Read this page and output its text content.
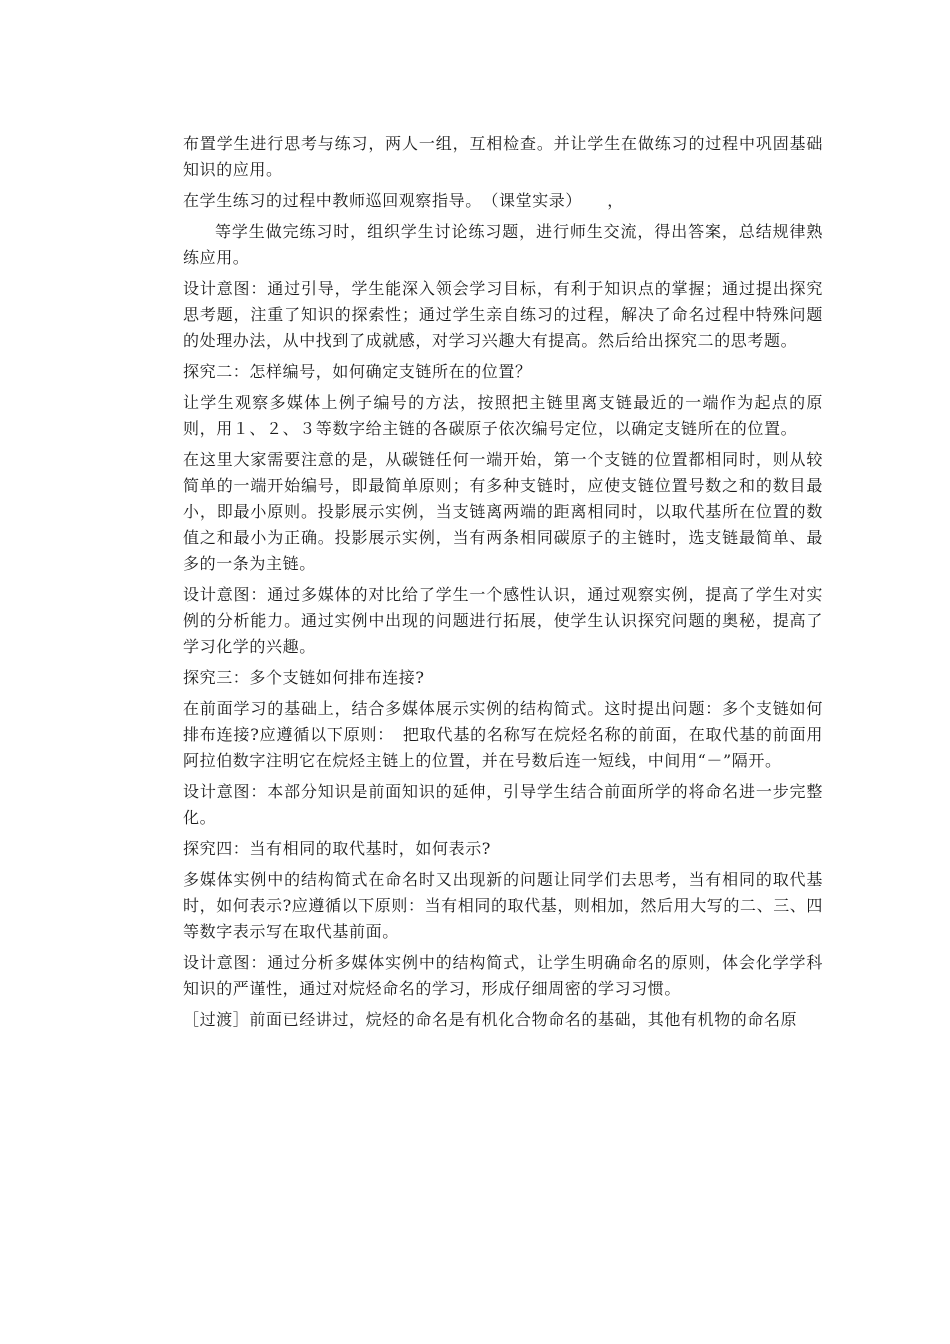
布置学生进行思考与练习，两人一组，互相检查。并让学生在做练习的过程中巩固基础知识的应用。

在学生练习的过程中教师巡回观察指导。　（课堂实录）　　，

等学生做完练习时，组织学生讨论练习题，进行师生交流，得出答案，总结规律熟练应用。

设计意图：通过引导，学生能深入领会学习目标，有利于知识点的掌握；通过提出探究思考题，注重了知识的探索性；通过学生亲自练习的过程，解决了命名过程中特殊问题的处理办法，从中找到了成就感，对学习兴趣大有提高。然后给出探究二的思考题。

探究二：怎样编号，如何确定支链所在的位置？

让学生观察多媒体上例子编号的方法，按照把主链里离支链最近的一端作为起点的原则，用１、２、３等数字给主链的各碳原子依次编号定位，以确定支链所在的位置。

在这里大家需要注意的是，从碳链任何一端开始，第一个支链的位置都相同时，则从较简单的一端开始编号，即最简单原则；有多种支链时，应使支链位置号数之和的数目最小，即最小原则。投影展示实例，当支链离两端的距离相同时，以取代基所在位置的数值之和最小为正确。投影展示实例，当有两条相同碳原子的主链时，选支链最简单、最多的一条为主链。

设计意图：通过多媒体的对比给了学生一个感性认识，通过观察实例，提高了学生对实例的分析能力。通过实例中出现的问题进行拓展，使学生认识探究问题的奥秘，提高了学习化学的兴趣。

探究三：多个支链如何排布连接?

在前面学习的基础上，结合多媒体展示实例的结构简式。这时提出问题：多个支链如何排布连接?应遵循以下原则：　把取代基的名称写在烷烃名称的前面，在取代基的前面用阿拉伯数字注明它在烷烃主链上的位置，并在号数后连一短线，中间用“－”隔开。

设计意图：本部分知识是前面知识的延伸，引导学生结合前面所学的将命名进一步完整化。

探究四：当有相同的取代基时，如何表示?

多媒体实例中的结构简式在命名时又出现新的问题让同学们去思考，当有相同的取代基时，如何表示?应遵循以下原则：当有相同的取代基，则相加，然后用大写的二、三、四等数字表示写在取代基前面。

设计意图：通过分析多媒体实例中的结构简式，让学生明确命名的原则，体会化学学科知识的严谨性，通过对烷烃命名的学习，形成仔细周密的学习习惯。

［过渡］前面已经讲过，烷烃的命名是有机化合物命名的基础，其他有机物的命名原
